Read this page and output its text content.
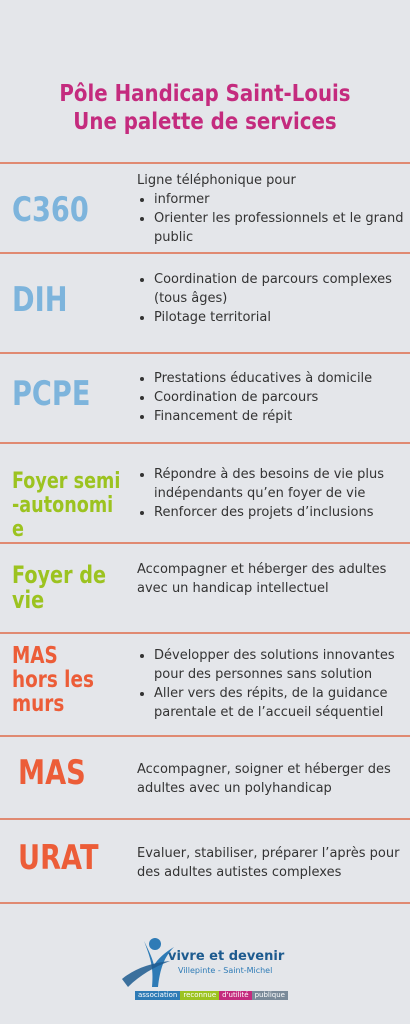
Pôle Handicap Saint-Louis
Une palette de services
C360

Ligne téléphonique pour

• informer
• Orienter les professionnels et le grand public
DIH
• Coordination de parcours complexes (tous âges)
• Pilotage territorial
PCPE
•	Prestations éducatives à domicile
• Coordination de parcours
• Financement de répit
Foyer semi-autonomie
• Répondre à des besoins de vie plus indépendants qu’en foyer de vie
• Renforcer des projets d’inclusions
Foyer de vie

Accompagner et héberger des adultes avec un handicap intellectuel

MAS hors les murs
• Développer des solutions innovantes pour des personnes sans solution
• Aller vers des répits, de la guidance parentale et de l’accueil séquentiel
MAS	Accompagner, soigner et héberger des adultes avec un polyhandicap

URAT	Evaluer, stabiliser, préparer l’après pour des adultes autistes complexes

vivre et devenir
Villepinte - Saint-Michel
association reconnue d'utilité publique
